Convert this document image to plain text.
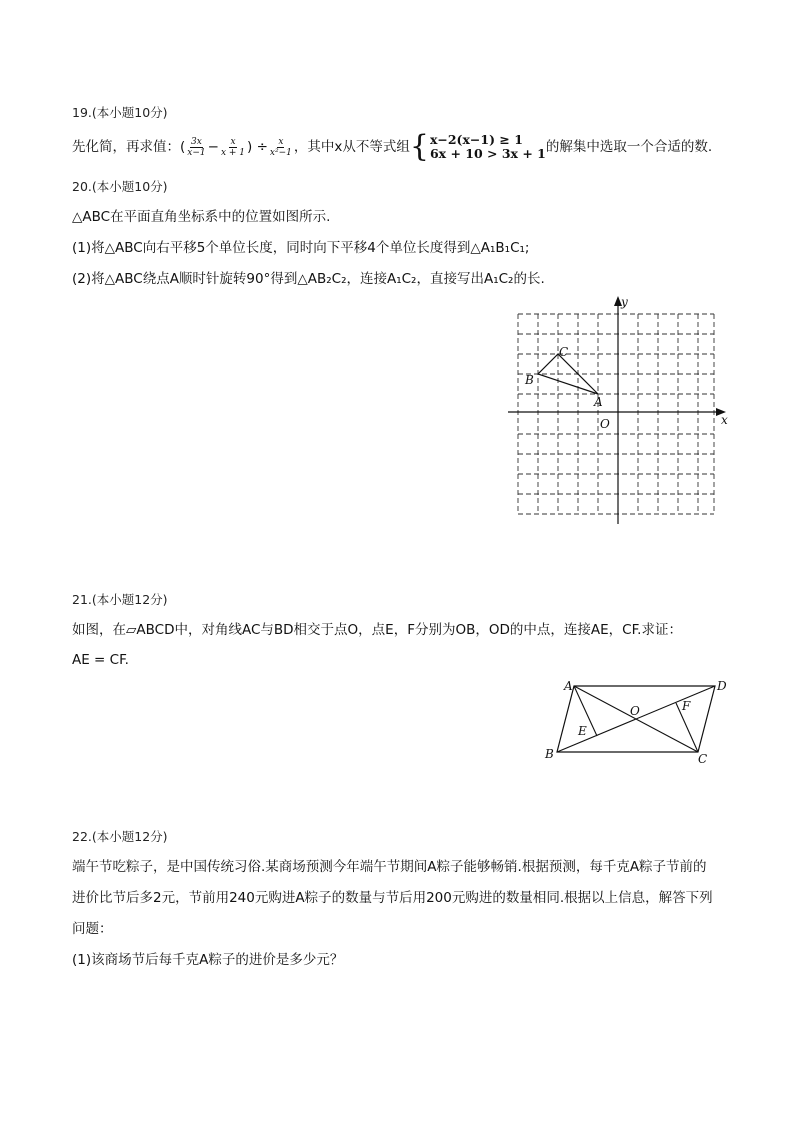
19.(本小题10分)
先化简，再求值：( $\frac{3x}{x-1} - \frac{x}{x + 1}$ ) ÷ $\frac{x}{\text{x²−1}}$ ，其中x从不等式组 { x−2(x−1) ≥ 1
6x + 10 > 3x + 1 的解集中选取一个合适的数.
20.(本小题10分)
△ABC在平面直角坐标系中的位置如图所示.
(1)将△ABC向右平移5个单位长度，同时向下平移4个单位长度得到△A₁B₁C₁;
(2)将△ABC绕点A顺时针旋转90°得到△AB₂C₂，连接A₁C₂，直接写出A₁C₂的长.
x
y
O
A
B
C
21.(本小题12分)
如图，在▱ABCD中，对角线AC与BD相交于点O，点E，F分别为OB，OD的中点，连接AE，CF.求证：
AE = CF.
A
B	C
D
E
F
O
22.(本小题12分)
端午节吃粽子，是中国传统习俗.某商场预测今年端午节期间A粽子能够畅销.根据预测，每千克A粽子节前的
进价比节后多2元，节前用240元购进A粽子的数量与节后用200元购进的数量相同.根据以上信息，解答下列
问题：
(1)该商场节后每千克A粽子的进价是多少元？
